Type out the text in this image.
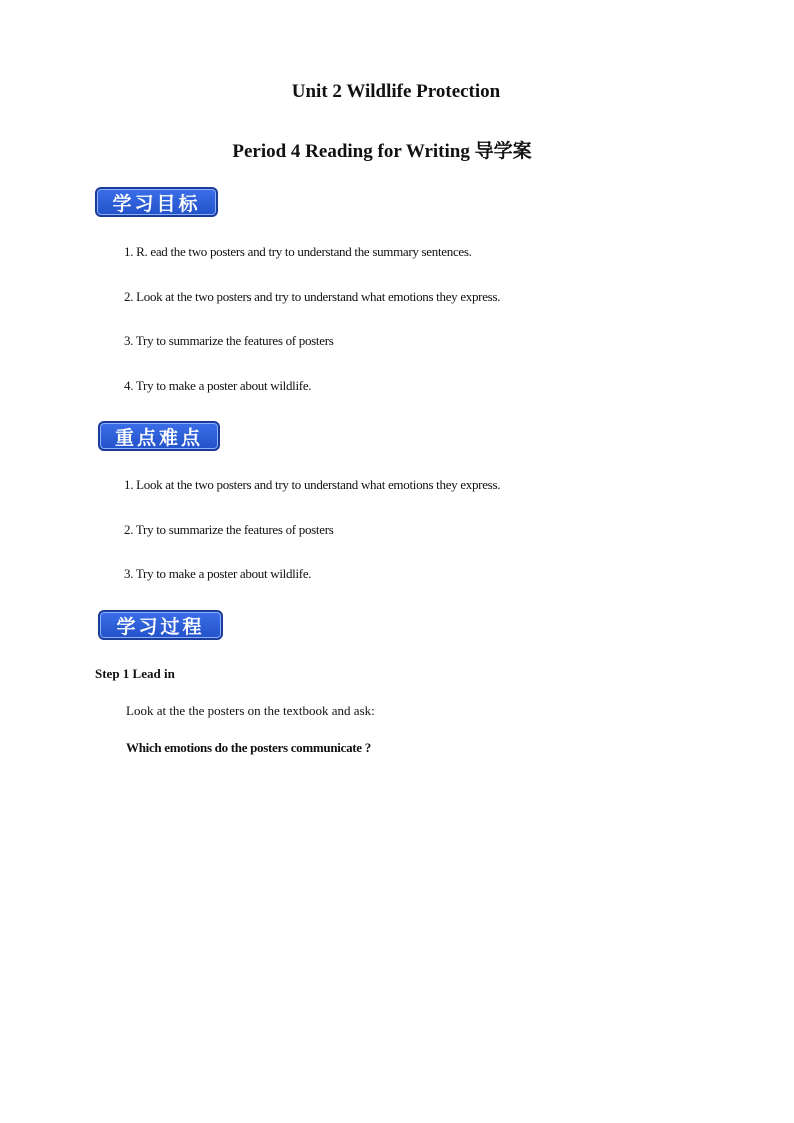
Unit 2 Wildlife Protection
Period 4 Reading for Writing 导学案
学习目标
1. R. ead the two posters and try to understand the summary sentences.
2. Look at the two posters and try to understand what emotions they express.
3. Try to summarize the features of posters
4. Try to make a poster about wildlife.
重点难点
1. Look at the two posters and try to understand what emotions they express.
2. Try to summarize the features of posters
3. Try to make a poster about wildlife.
学习过程
Step 1 Lead in
Look at the the posters on the textbook and ask:
Which emotions do the posters communicate ?
